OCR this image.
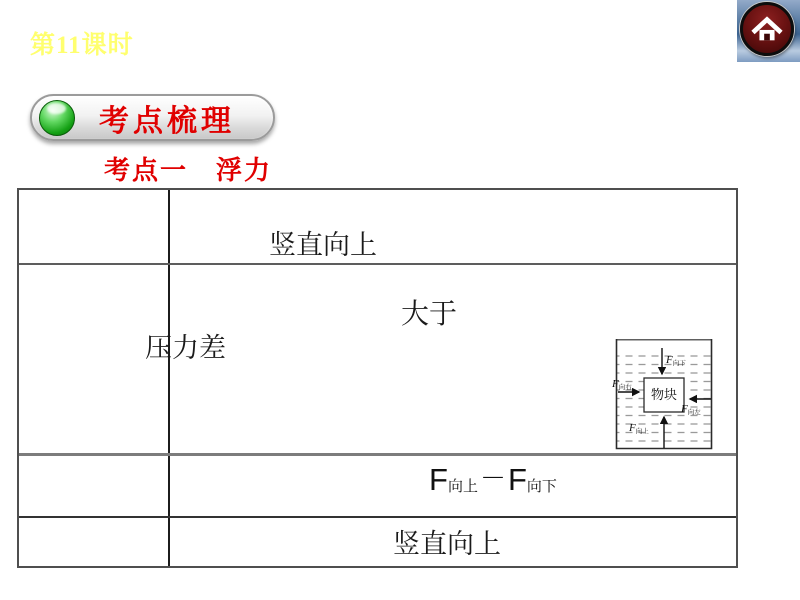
第11课时
考点梳理
考点一　浮力
竖直向上
大于
压力差
竖直向上
F 向上 － F 向下
物块
F向下
F向右
F向左
F向上
